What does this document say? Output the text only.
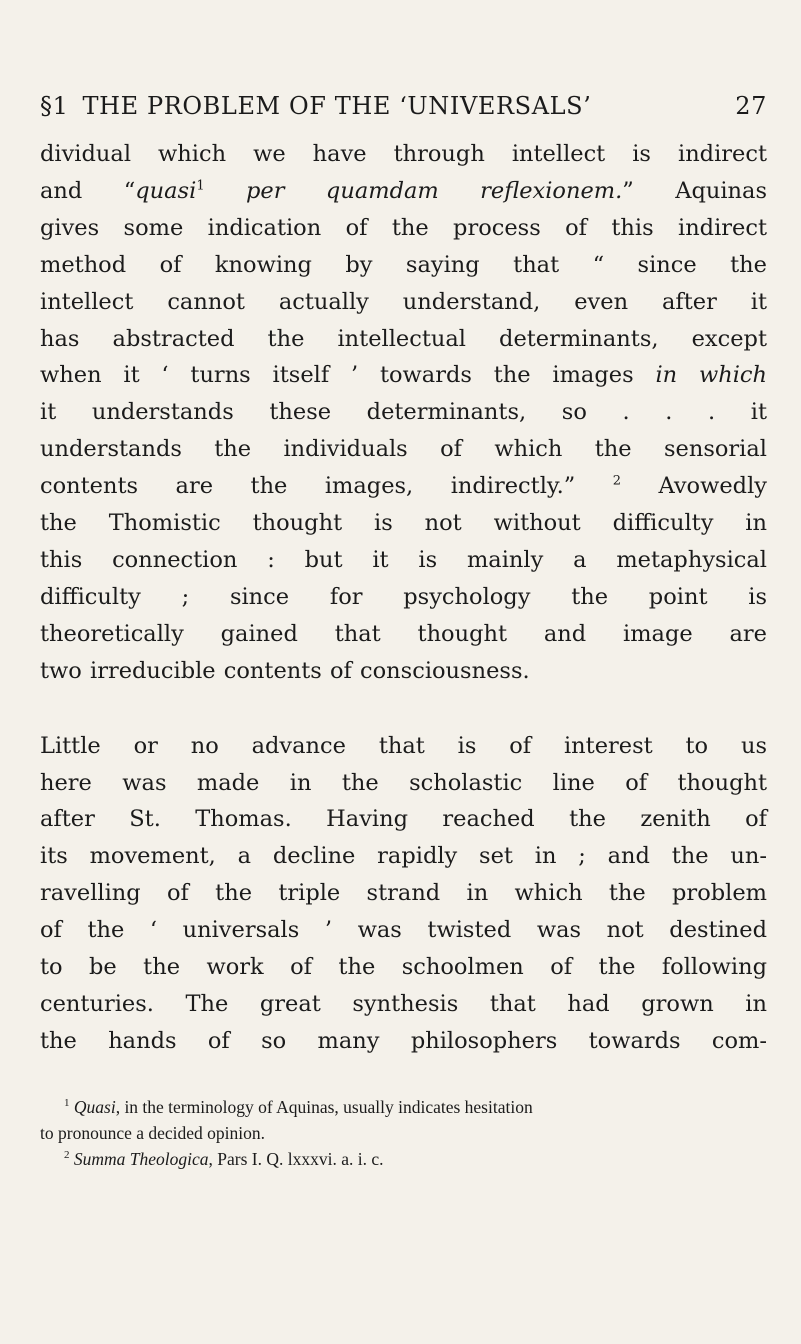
§1 THE PROBLEM OF THE ‘UNIVERSALS’	27

dividual which we have through intellect is indirect
and “quasi$^1$ per quamdam reflexionem.” Aquinas
gives some indication of the process of this indirect
method of knowing by saying that “ since the
intellect cannot actually understand, even after it
has abstracted the intellectual determinants, except
when it ‘ turns itself ’ towards the images in which
it understands these determinants, so . . . it
understands the individuals of which the sensorial
contents are the images, indirectly.” $^2$ Avowedly
the Thomistic thought is not without difficulty in
this connection : but it is mainly a metaphysical
difficulty ; since for psychology the point is
theoretically gained that thought and image are
two irreducible contents of consciousness.

Little or no advance that is of interest to us
here was made in the scholastic line of thought
after St. Thomas. Having reached the zenith of
its movement, a decline rapidly set in ; and the un-
ravelling of the triple strand in which the problem
of the ‘ universals ’ was twisted was not destined
to be the work of the schoolmen of the following
centuries. The great synthesis that had grown in
the hands of so many philosophers towards com-

$^1$ Quasi, in the terminology of Aquinas, usually indicates hesitation
to pronounce a decided opinion.
$^2$ Summa Theologica, Pars I. Q. lxxxvi. a. i. c.
